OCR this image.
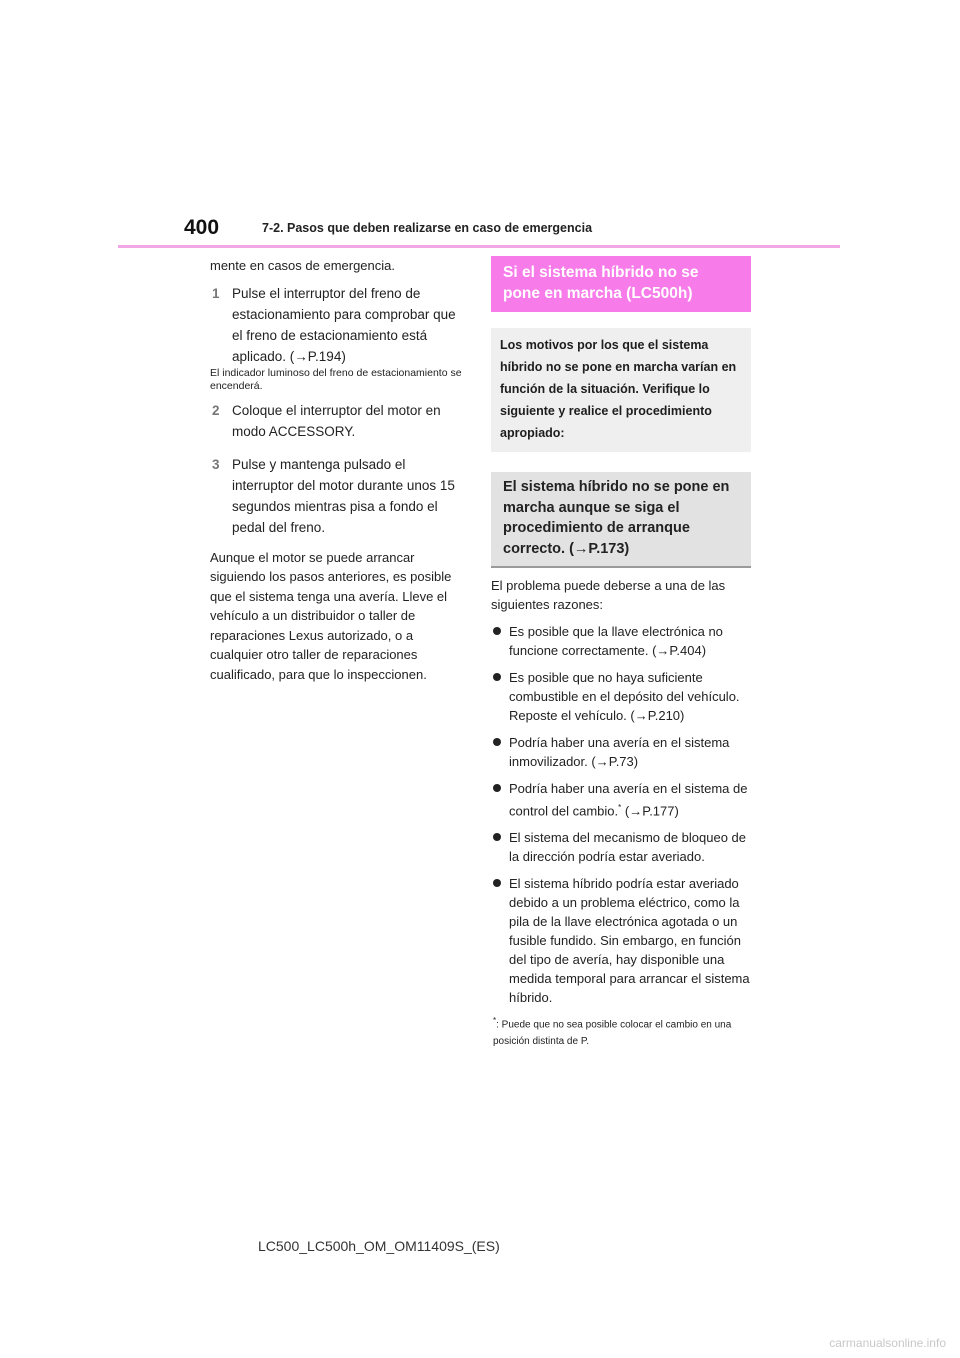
400	7-2. Pasos que deben realizarse en caso de emergencia

mente en casos de emergencia.

1 Pulse el interruptor del freno de estacionamiento para comprobar que el freno de estacionamiento está aplicado. (→P.194)

El indicador luminoso del freno de estacionamiento se encenderá.

2 Coloque el interruptor del motor en modo ACCESSORY.
3 Pulse y mantenga pulsado el interruptor del motor durante unos 15 segundos mientras pisa a fondo el pedal del freno.

Aunque el motor se puede arrancar siguiendo los pasos anteriores, es posible que el sistema tenga una avería. Lleve el vehículo a un distribuidor o taller de reparaciones Lexus autorizado, o a cualquier otro taller de reparaciones cualificado, para que lo inspeccionen.

Si el sistema híbrido no se pone en marcha (LC500h)
Los motivos por los que el sistema híbrido no se pone en marcha varían en función de la situación. Verifique lo siguiente y realice el procedimiento apropiado:
El sistema híbrido no se pone en marcha aunque se siga el procedimiento de arranque correcto. (→P.173)

El problema puede deberse a una de las siguientes razones:

Es posible que la llave electrónica no funcione correctamente. (→P.404)
Es posible que no haya suficiente combustible en el depósito del vehículo. Reposte el vehículo. (→P.210)
Podría haber una avería en el sistema inmovilizador. (→P.73)
Podría haber una avería en el sistema de control del cambio.* (→P.177)
El sistema del mecanismo de bloqueo de la dirección podría estar averiado.
El sistema híbrido podría estar averiado debido a un problema eléctrico, como la pila de la llave electrónica agotada o un fusible fundido. Sin embargo, en función del tipo de avería, hay disponible una medida temporal para arrancar el sistema híbrido.
*: Puede que no sea posible colocar el cambio en una posición distinta de P.
LC500_LC500h_OM_OM11409S_(ES)
carmanualsonline.info
